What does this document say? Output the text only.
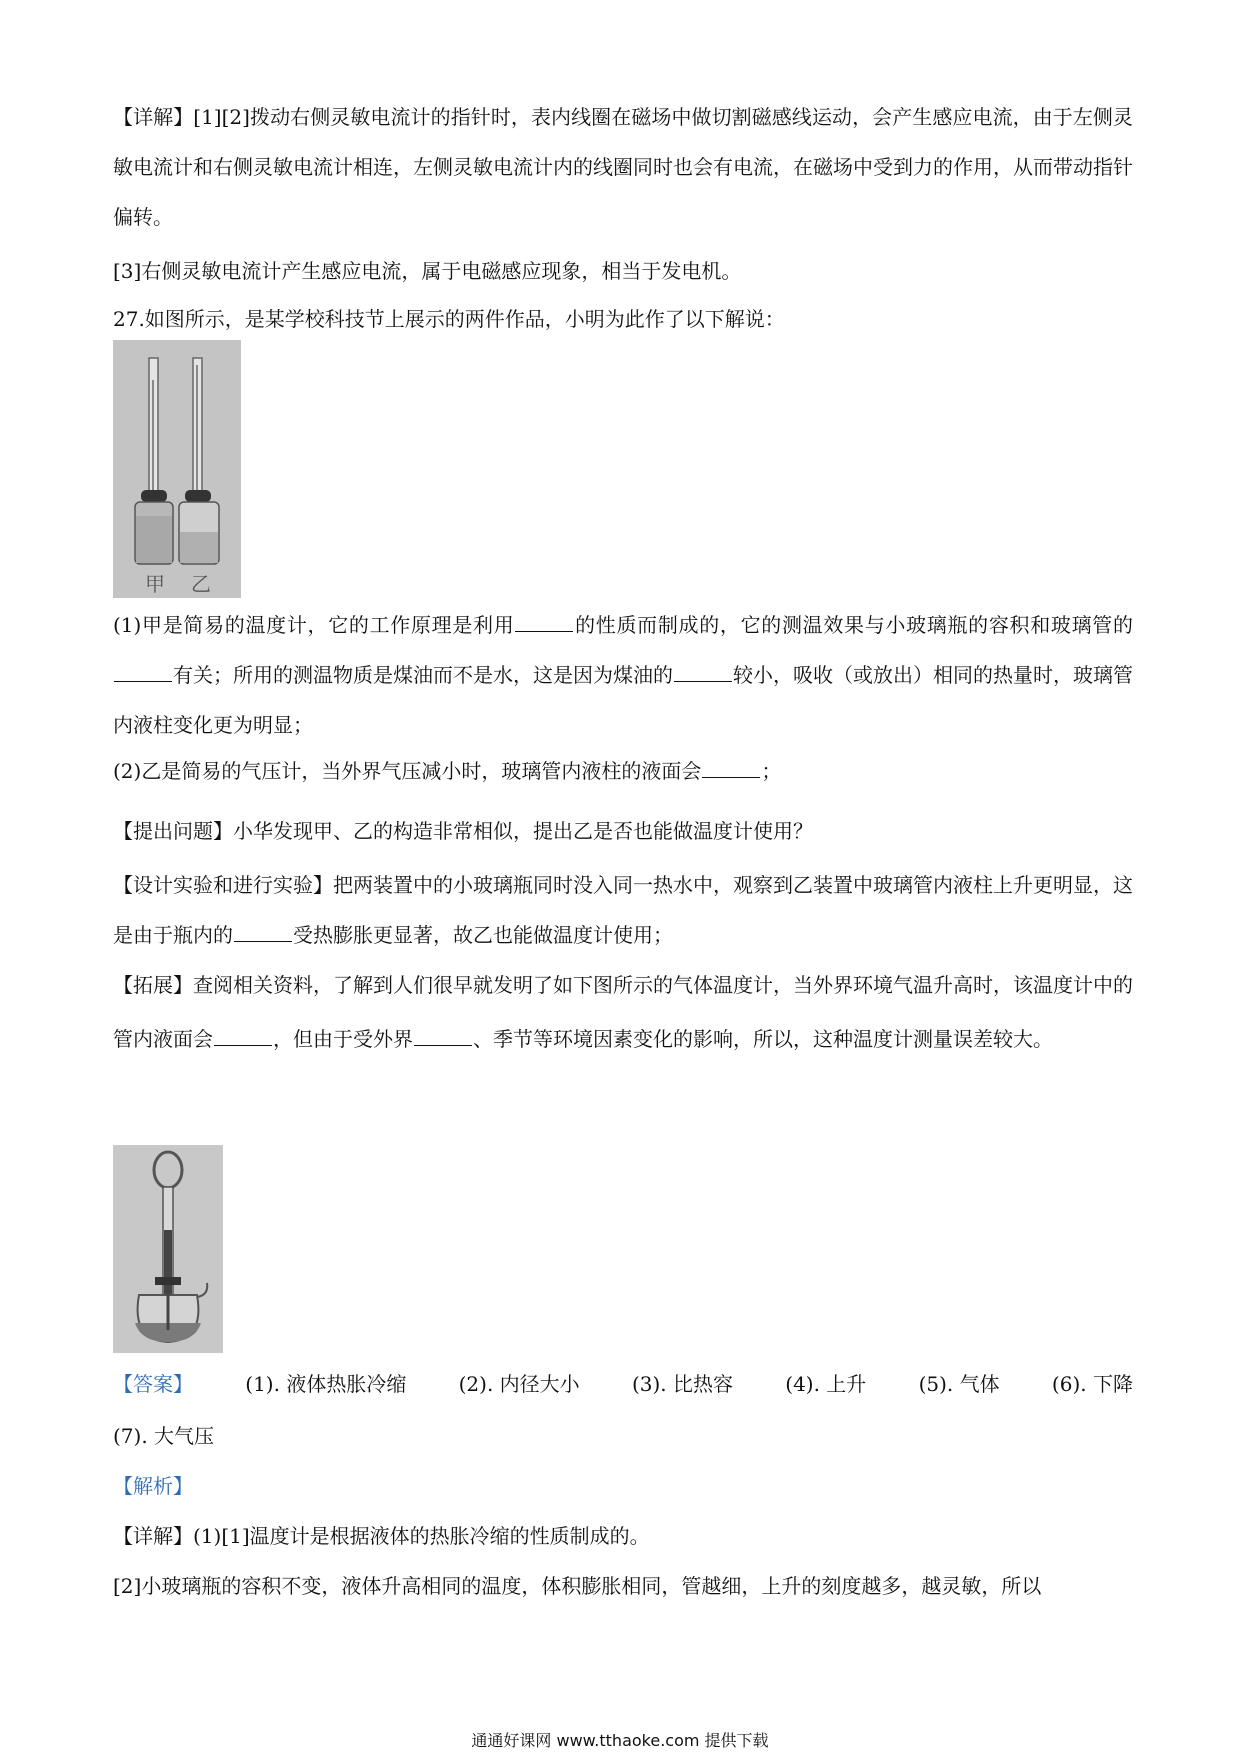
【详解】[1][2]拨动右侧灵敏电流计的指针时，表内线圈在磁场中做切割磁感线运动，会产生感应电流，由于左侧灵敏电流计和右侧灵敏电流计相连，左侧灵敏电流计内的线圈同时也会有电流，在磁场中受到力的作用，从而带动指针偏转。

[3]右侧灵敏电流计产生感应电流，属于电磁感应现象，相当于发电机。
27.如图所示，是某学校科技节上展示的两件作品，小明为此作了以下解说：
甲 乙

(1)甲是简易的温度计，它的工作原理是利用	的性质而制成的，它的测温效果与小玻璃瓶的容积和玻璃管的有关；所用的测温物质是煤油而不是水，这是因为煤油的	较小，吸收（或放出）相同的热量时，玻璃管内液柱变化更为明显；

(2)乙是简易的气压计，当外界气压减小时，玻璃管内液柱的液面会	；
【提出问题】小华发现甲、乙的构造非常相似，提出乙是否也能做温度计使用？

【设计实验和进行实验】把两装置中的小玻璃瓶同时没入同一热水中，观察到乙装置中玻璃管内液柱上升更明显，这是由于瓶内的	受热膨胀更显著，故乙也能做温度计使用；

【拓展】查阅相关资料，了解到人们很早就发明了如下图所示的气体温度计，当外界环境气温升高时，该温度计中的管内液面会	，但由于受外界	、季节等环境因素变化的影响，所以，这种温度计测量误差较大。

【答案】	(1). 液体热胀冷缩	(2). 内径大小	(3). 比热容	(4). 上升	(5). 气体	(6). 下降
(7). 大气压
【解析】
【详解】(1)[1]温度计是根据液体的热胀冷缩的性质制成的。
[2]小玻璃瓶的容积不变，液体升高相同的温度，体积膨胀相同，管越细，上升的刻度越多，越灵敏，所以
通通好课网 www.tthaoke.com 提供下载
